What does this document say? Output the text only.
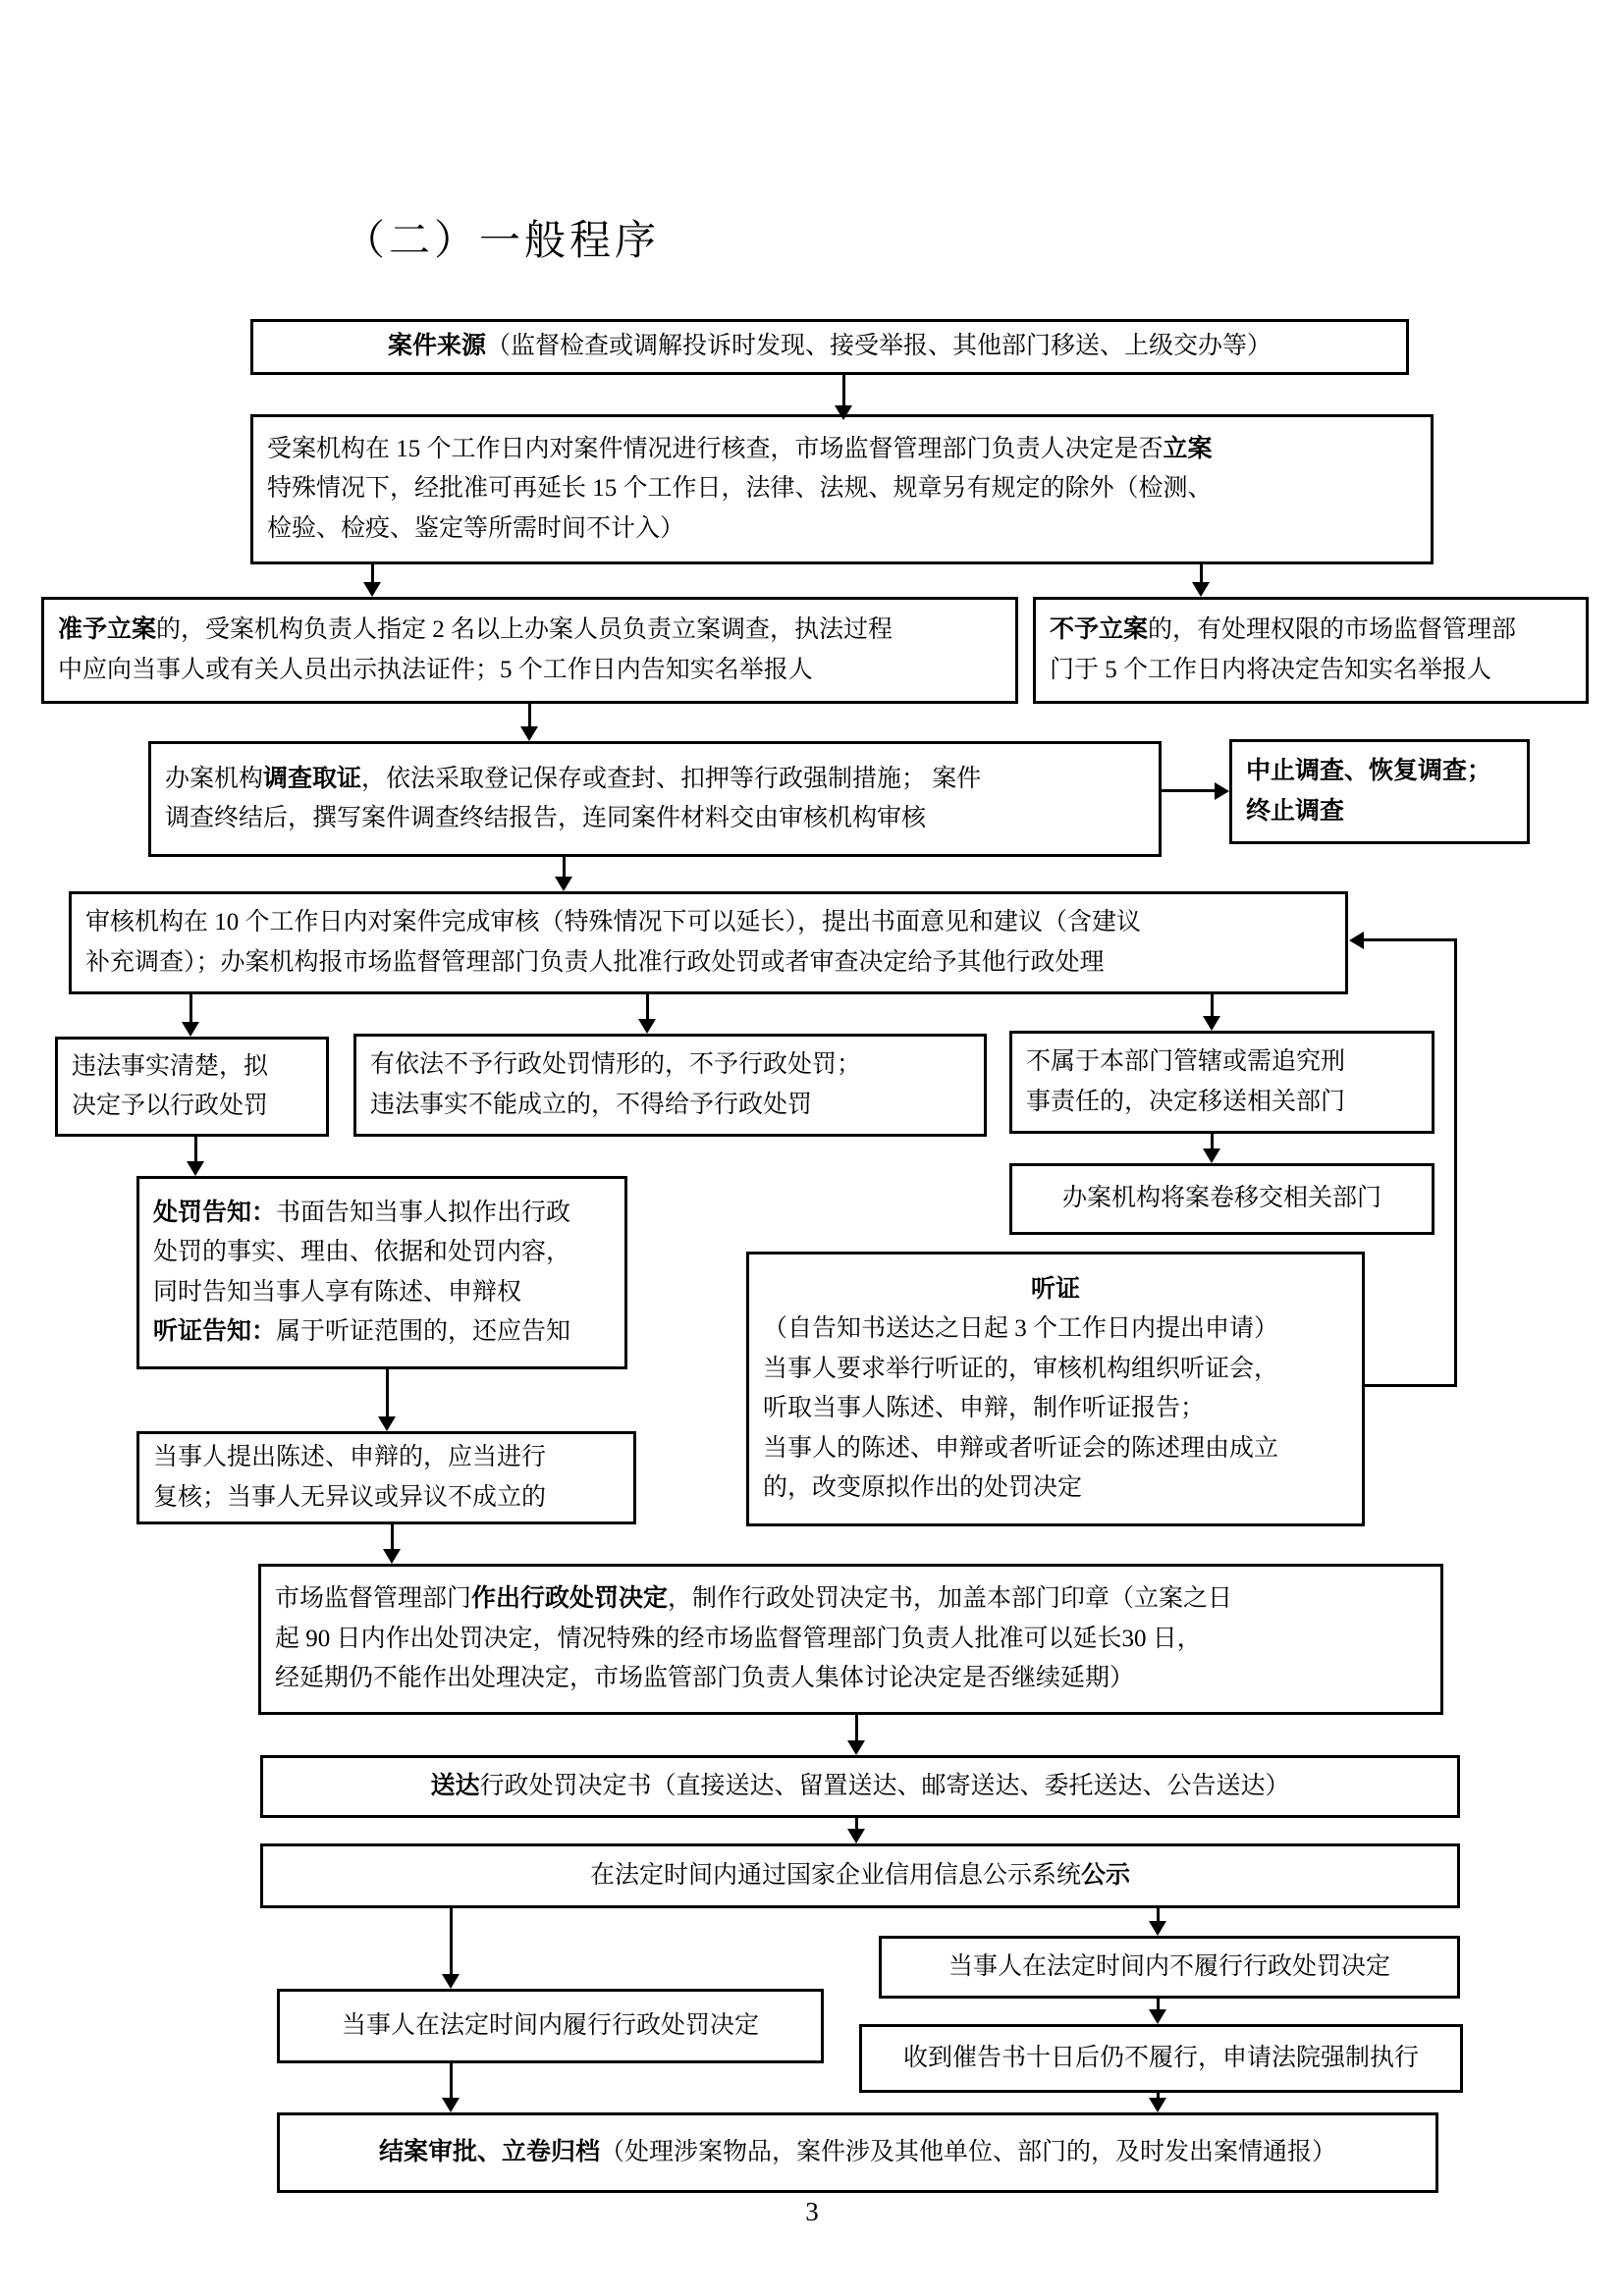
（二）一般程序
案件来源（监督检查或调解投诉时发现、接受举报、其他部门移送、上级交办等）
受案机构在 15 个工作日内对案件情况进行核查，市场监督管理部门负责人决定是否立案
特殊情况下，经批准可再延长 15 个工作日，法律、法规、规章另有规定的除外（检测、
检验、检疫、鉴定等所需时间不计入）
准予立案的，受案机构负责人指定 2 名以上办案人员负责立案调查，执法过程
中应向当事人或有关人员出示执法证件；5 个工作日内告知实名举报人
不予立案的，有处理权限的市场监督管理部
门于 5 个工作日内将决定告知实名举报人
办案机构调查取证，依法采取登记保存或查封、扣押等行政强制措施； 案件
调查终结后，撰写案件调查终结报告，连同案件材料交由审核机构审核
中止调查、恢复调查；
终止调查
审核机构在 10 个工作日内对案件完成审核（特殊情况下可以延长），提出书面意见和建议（含建议
补充调查）；办案机构报市场监督管理部门负责人批准行政处罚或者审查决定给予其他行政处理
违法事实清楚，拟
决定予以行政处罚
有依法不予行政处罚情形的，不予行政处罚；
违法事实不能成立的，不得给予行政处罚
不属于本部门管辖或需追究刑
事责任的，决定移送相关部门
办案机构将案卷移交相关部门
处罚告知：书面告知当事人拟作出行政
处罚的事实、理由、依据和处罚内容，
同时告知当事人享有陈述、申辩权
听证告知：属于听证范围的，还应告知
听证
（自告知书送达之日起 3 个工作日内提出申请）
当事人要求举行听证的，审核机构组织听证会，
听取当事人陈述、申辩，制作听证报告；
当事人的陈述、申辩或者听证会的陈述理由成立
的，改变原拟作出的处罚决定
当事人提出陈述、申辩的，应当进行
复核；当事人无异议或异议不成立的
市场监督管理部门作出行政处罚决定，制作行政处罚决定书，加盖本部门印章（立案之日
起 90 日内作出处罚决定，情况特殊的经市场监督管理部门负责人批准可以延长30 日，
经延期仍不能作出处理决定，市场监管部门负责人集体讨论决定是否继续延期）
送达行政处罚决定书（直接送达、留置送达、邮寄送达、委托送达、公告送达）
在法定时间内通过国家企业信用信息公示系统公示
当事人在法定时间内不履行行政处罚决定
当事人在法定时间内履行行政处罚决定
收到催告书十日后仍不履行，申请法院强制执行
结案审批、立卷归档（处理涉案物品，案件涉及其他单位、部门的，及时发出案情通报）
3
